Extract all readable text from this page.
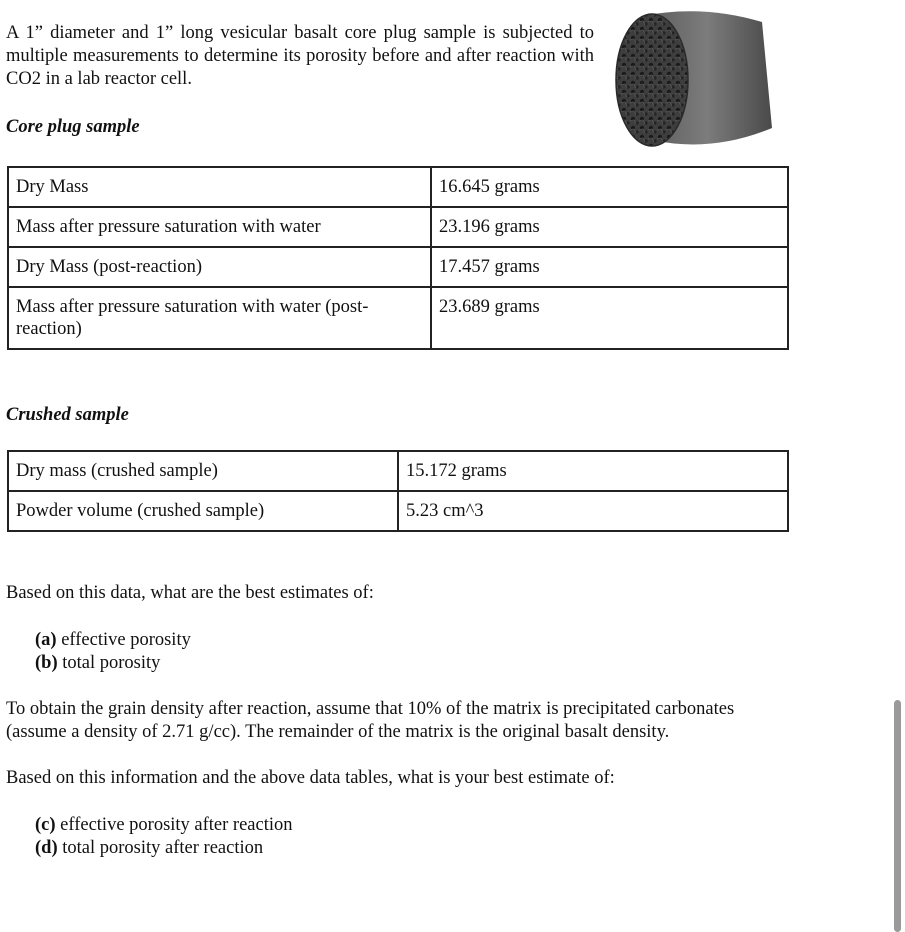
A 1” diameter and 1” long vesicular basalt core plug sample is subjected to multiple measurements to determine its porosity before and after reaction with CO2 in a lab reactor cell.

Core plug sample

Dry Mass	16.645 grams
Mass after pressure saturation with water	23.196 grams
Dry Mass (post-reaction)	17.457 grams
Mass after pressure saturation with water (post-reaction)	23.689 grams

Crushed sample

Dry mass (crushed sample)	15.172 grams
Powder volume (crushed sample)	5.23 cm^3

Based on this data, what are the best estimates of:

(a) effective porosity
(b) total porosity

To obtain the grain density after reaction, assume that 10% of the matrix is precipitated carbonates (assume a density of 2.71 g/cc). The remainder of the matrix is the original basalt density.

Based on this information and the above data tables, what is your best estimate of:

(c) effective porosity after reaction
(d) total porosity after reaction
